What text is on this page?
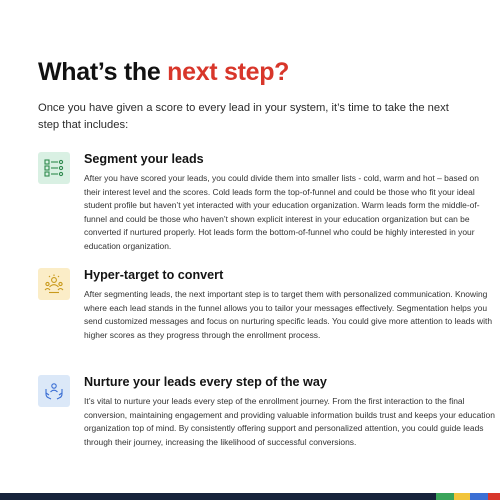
What’s the next step?

Once you have given a score to every lead in your system, it’s time to take the next step that includes:

Segment your leads

After you have scored your leads, you could divide them into smaller lists - cold, warm and hot – based on their interest level and the scores. Cold leads form the top-of-funnel and could be those who fit your ideal student profile but haven’t yet interacted with your education organization. Warm leads form the middle-of-funnel and could be those who haven’t shown explicit interest in your education organization but can be converted if nurtured properly. Hot leads form the bottom-of-funnel who could be highly interested in your education organization.

Hyper-target to convert

After segmenting leads, the next important step is to target them with personalized communication. Knowing where each lead stands in the funnel allows you to tailor your messages effectively. Segmentation helps you send customized messages and focus on nurturing specific leads. You could give more attention to leads with higher scores as they progress through the enrollment process.

Nurture your leads every step of the way

It’s vital to nurture your leads every step of the enrollment journey. From the first interaction to the final conversion, maintaining engagement and providing valuable information builds trust and keeps your education organization top of mind. By consistently offering support and personalized attention, you could guide leads through their journey, increasing the likelihood of successful conversions.
